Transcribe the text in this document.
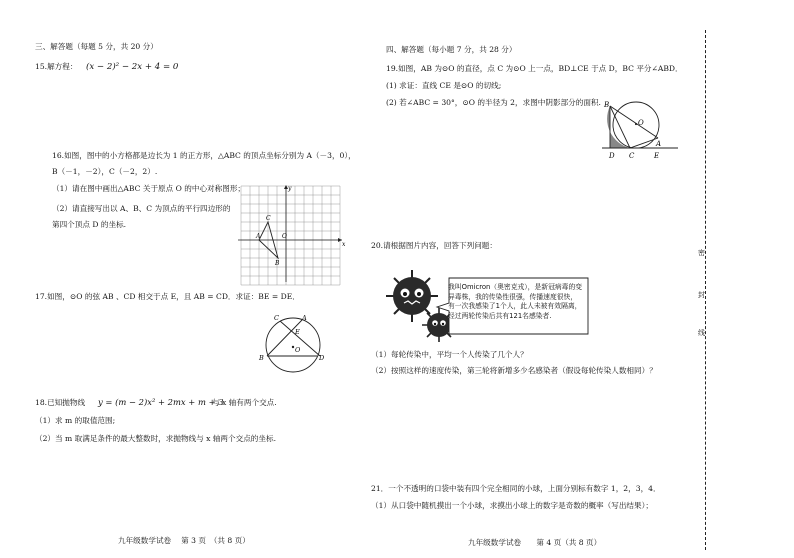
三、解答题（每题 5 分，共 20 分）
15.解方程： (x − 2)² − 2x + 4 = 0
16.如图，图中的小方格都是边长为 1 的正方形，△ABC 的顶点坐标分别为 A（－3，0），
B（－1，－2），C（－2，2）.
（1）请在图中画出△ABC 关于原点 O 的中心对称图形；
（2）请直接写出以 A、B、C 为顶点的平行四边形的
第四个顶点 D 的坐标.
y
x
A	O
C
B
17.如图，⊙O 的弦 AB 、CD 相交于点 E，且 AB = CD．求证：BE = DE．
C	A
E
O
B	D
18.已知抛物线 y = (m − 2)x² + 2mx + m + 3
与 x 轴有两个交点.
（1）求 m 的取值范围;
（2）当 m 取满足条件的最大整数时，求抛物线与 x 轴两个交点的坐标.
九年级数学试卷　 第 3 页　（共 8 页）
四、解答题（每小题 7 分，共 28 分）
19.如图，AB 为⊙O 的直径，点 C 为⊙O 上一点，BD⊥CE 于点 D，BC 平分∠ABD．
(1) 求证：直线 CE 是⊙O 的切线;
(2) 若∠ABC = 30°，⊙O 的半径为 2，求图中阴影部分的面积. B
O
A
D C	E
20.请根据图片内容，回答下列问题：
我叫Omicron（奥密克戎），是新冠病毒的变异毒株，我的传染性很强，传播速度很快，有一次我感染了1个人，此人未被有效隔离，经过两轮传染后共有121名感染者.
（1）每轮传染中，平均一个人传染了几个人？
（2）按照这样的速度传染，第三轮将新增多少名感染者（假设每轮传染人数相同）？
21．一个不透明的口袋中装有四个完全相同的小球，上面分别标有数字 1，2，3，4．
（1）从口袋中随机摸出一个小球，求摸出小球上的数字是奇数的概率（写出结果）；
九年级数学试卷　　第 4 页（共 8 页）
密
封
线
